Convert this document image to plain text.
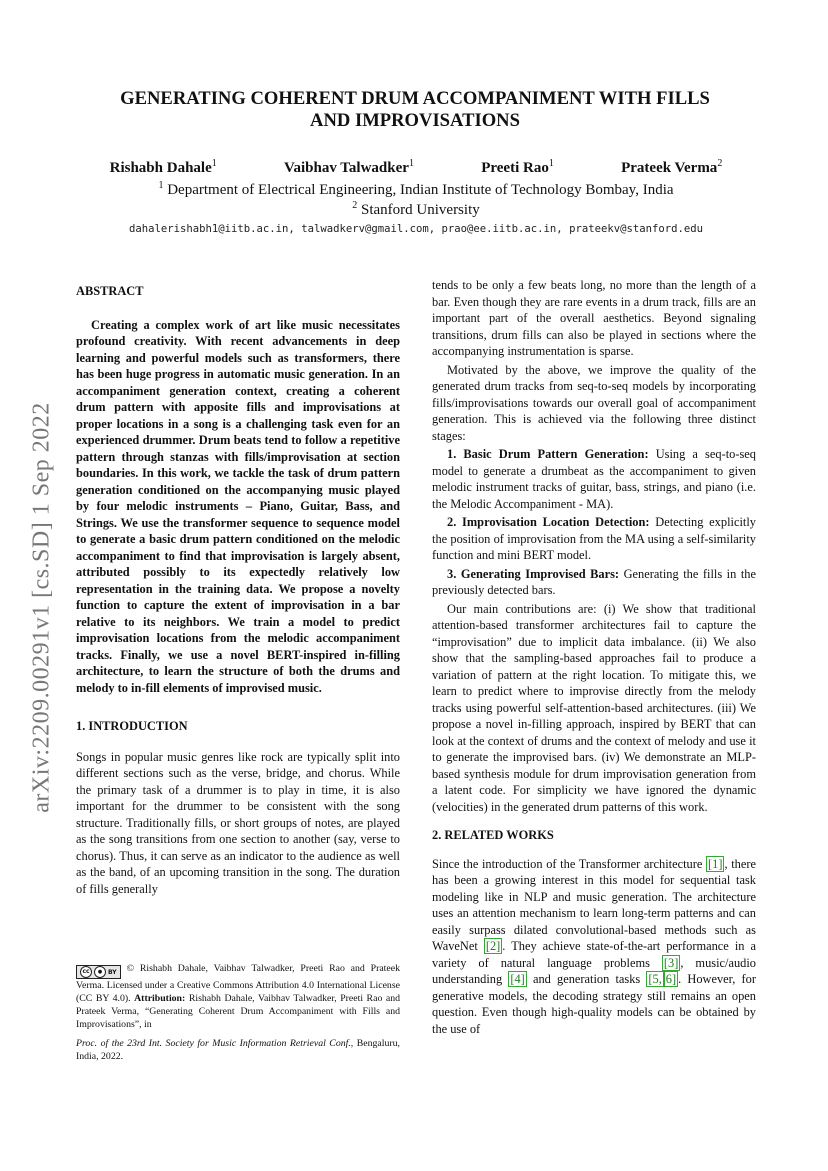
arXiv:2209.00291v1 [cs.SD] 1 Sep 2022
GENERATING COHERENT DRUM ACCOMPANIMENT WITH FILLS
AND IMPROVISATIONS
Rishabh Dahale$^1$	Vaibhav Talwadker$^1$	Preeti Rao$^1$	Prateek Verma$^2$
$^1$ Department of Electrical Engineering, Indian Institute of Technology Bombay, India
$^2$ Stanford University
dahalerishabh1@iitb.ac.in, talwadkerv@gmail.com, prao@ee.iitb.ac.in, prateekv@stanford.edu

ABSTRACT

Creating a complex work of art like music necessitates profound creativity. With recent advancements in deep learning and powerful models such as transformers, there has been huge progress in automatic music generation. In an accompaniment generation context, creating a coherent drum pattern with apposite fills and improvisations at proper locations in a song is a challenging task even for an experienced drummer. Drum beats tend to follow a repetitive pattern through stanzas with fills/improvisation at section boundaries. In this work, we tackle the task of drum pattern generation conditioned on the accompanying music played by four melodic instruments – Piano, Guitar, Bass, and Strings. We use the transformer sequence to sequence model to generate a basic drum pattern conditioned on the melodic accompaniment to find that improvisation is largely absent, attributed possibly to its expectedly relatively low representation in the training data. We propose a novelty function to capture the extent of improvisation in a bar relative to its neighbors. We train a model to predict improvisation locations from the melodic accompaniment tracks. Finally, we use a novel BERT-inspired in-filling architecture, to learn the structure of both the drums and melody to in-fill elements of improvised music.

1. INTRODUCTION

Songs in popular music genres like rock are typically split into different sections such as the verse, bridge, and chorus. While the primary task of a drummer is to play in time, it is also important for the drummer to be consistent with the song structure. Traditionally fills, or short groups of notes, are played as the song transitions from one section to another (say, verse to chorus). Thus, it can serve as an indicator to the audience as well as the band, of an upcoming transition in the song. The duration of fills generally

cc	● BY © Rishabh Dahale, Vaibhav Talwadker, Preeti Rao and Prateek Verma. Licensed under a Creative Commons Attribution 4.0 International License (CC BY 4.0). Attribution: Rishabh Dahale, Vaibhav Talwadker, Preeti Rao and Prateek Verma, “Generating Coherent Drum Accompaniment with Fills and Improvisations”, in

Proc. of the 23rd Int. Society for Music Information Retrieval Conf., Bengaluru, India, 2022.

tends to be only a few beats long, no more than the length of a bar. Even though they are rare events in a drum track, fills are an important part of the overall aesthetics. Beyond signaling transitions, drum fills can also be played in sections where the accompanying instrumentation is sparse.

Motivated by the above, we improve the quality of the generated drum tracks from seq-to-seq models by incorporating fills/improvisations towards our overall goal of accompaniment generation. This is achieved via the following three distinct stages:

1. Basic Drum Pattern Generation: Using a seq-to-seq model to generate a drumbeat as the accompaniment to given melodic instrument tracks of guitar, bass, strings, and piano (i.e. the Melodic Accompaniment - MA).

2. Improvisation Location Detection: Detecting explicitly the position of improvisation from the MA using a self-similarity function and mini BERT model.

3. Generating Improvised Bars: Generating the fills in the previously detected bars.

Our main contributions are: (i) We show that traditional attention-based transformer architectures fail to capture the “improvisation” due to implicit data imbalance. (ii) We also show that the sampling-based approaches fail to produce a variation of pattern at the right location. To mitigate this, we learn to predict where to improvise directly from the melody tracks using powerful self-attention-based architectures. (iii) We propose a novel in-filling approach, inspired by BERT that can look at the context of drums and the context of melody and use it to generate the improvised bars. (iv) We demonstrate an MLP-based synthesis module for drum improvisation generation from a latent code. For simplicity we have ignored the dynamic (velocities) in the generated drum patterns of this work.

2. RELATED WORKS

Since the introduction of the Transformer architecture [1] , there has been a growing interest in this model for sequential task modeling like in NLP and music generation. The architecture uses an attention mechanism to learn long-term patterns and can easily surpass dilated convolutional-based methods such as WaveNet [2] . They achieve state-of-the-art performance in a variety of natural language problems [3] , music/audio understanding [4] and generation tasks [5, 6] . However, for generative models, the decoding strategy still remains an open question. Even though high-quality models can be obtained by the use of
